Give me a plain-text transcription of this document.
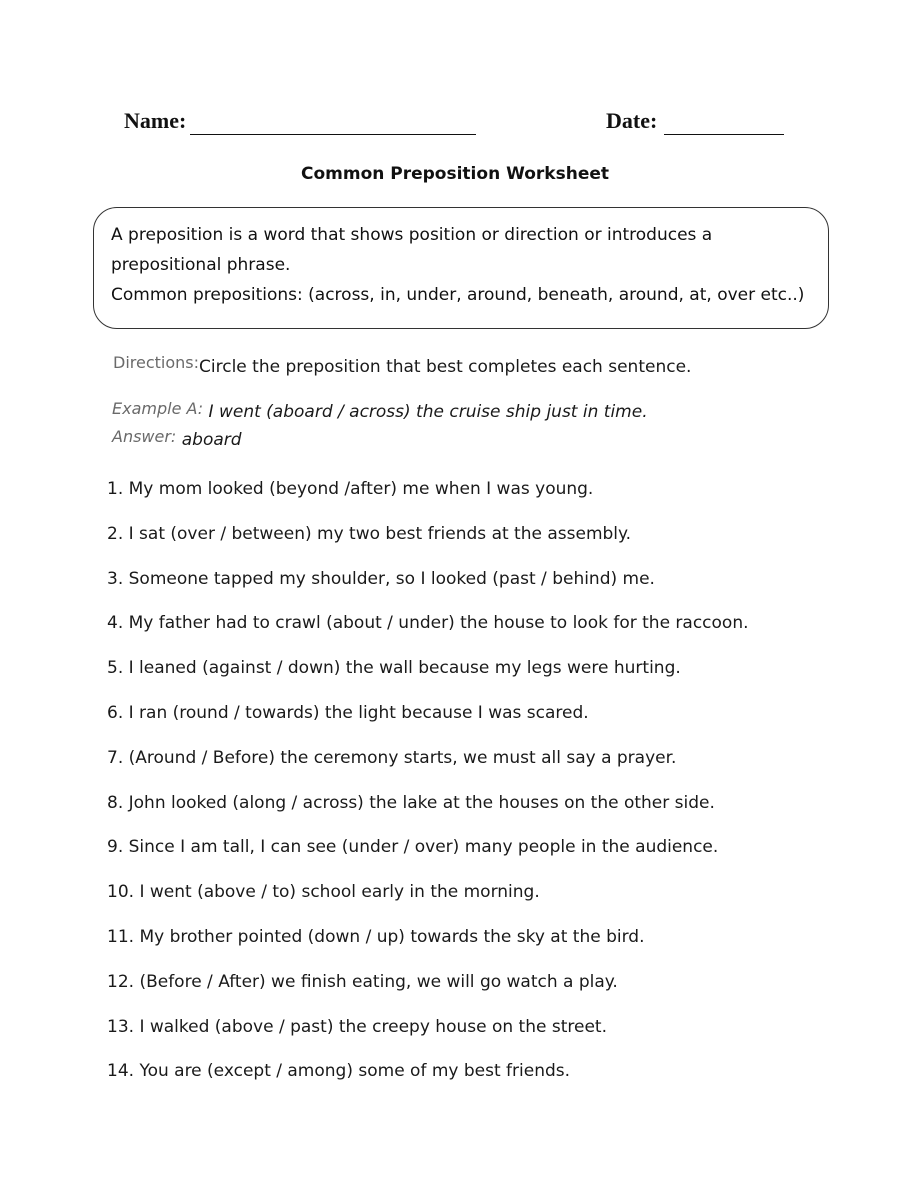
Name:	Date:
Common Preposition Worksheet
A preposition is a word that shows position or direction or introduces a
prepositional phrase.
Common prepositions: (across, in, under, around, beneath, around, at, over etc..)
Directions:Circle the preposition that best completes each sentence.
Example A: I went (aboard / across) the cruise ship just in time.
Answer: aboard
1. My mom looked (beyond /after) me when I was young.
2. I sat (over / between) my two best friends at the assembly.
3. Someone tapped my shoulder, so I looked (past / behind) me.
4. My father had to crawl (about / under) the house to look for the raccoon.
5. I leaned (against / down) the wall because my legs were hurting.
6. I ran (round / towards) the light because I was scared.
7. (Around / Before) the ceremony starts, we must all say a prayer.
8. John looked (along / across) the lake at the houses on the other side.
9. Since I am tall, I can see (under / over) many people in the audience.
10. I went (above / to) school early in the morning.
11. My brother pointed (down / up) towards the sky at the bird.
12. (Before / After) we finish eating, we will go watch a play.
13. I walked (above / past) the creepy house on the street.
14. You are (except / among) some of my best friends.
